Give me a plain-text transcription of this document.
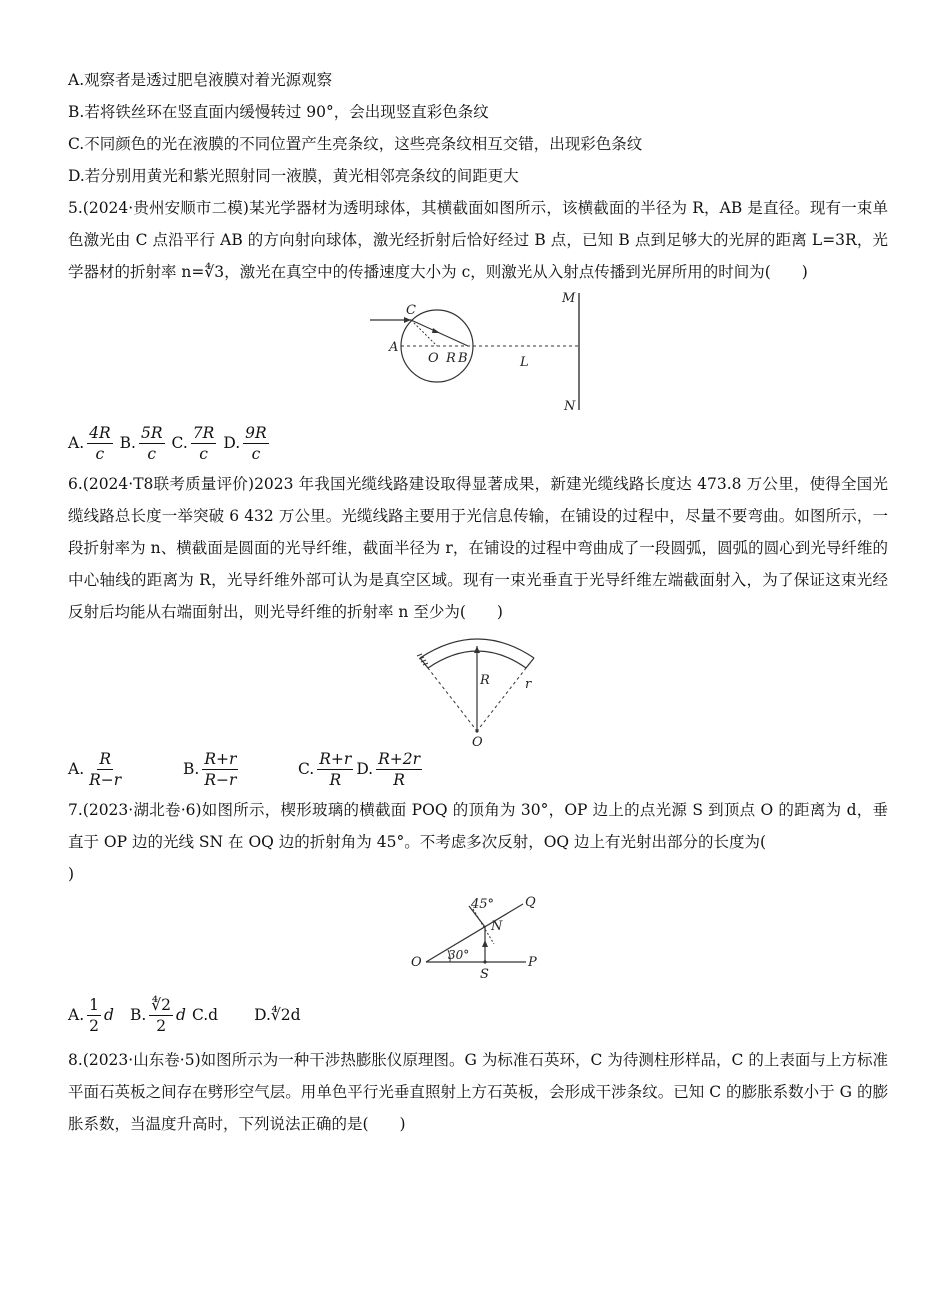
A.观察者是透过肥皂液膜对着光源观察

B.若将铁丝环在竖直面内缓慢转过 90°，会出现竖直彩色条纹

C.不同颜色的光在液膜的不同位置产生亮条纹，这些亮条纹相互交错，出现彩色条纹

D.若分别用黄光和紫光照射同一液膜，黄光相邻亮条纹的间距更大

5.(2024·贵州安顺市二模)某光学器材为透明球体，其横截面如图所示，该横截面的半径为 R，AB 是直径。现有一束单色激光由 C 点沿平行 AB 的方向射向球体，激光经折射后恰好经过 B 点，已知 B 点到足够大的光屏的距离 L=3R，光学器材的折射率 n=∜3，激光在真空中的传播速度大小为 c，则激光从入射点传播到光屏所用的时间为(　　)

C
A
O R B	L
M
N
A. $\frac{4R}{c} B$. $\frac{5R}{c} C$. $\frac{7R}{c} D$. $\frac{9R}{c}$

6.(2024·T8联考质量评价)2023 年我国光缆线路建设取得显著成果，新建光缆线路长度达 473.8 万公里，使得全国光缆线路总长度一举突破 6 432 万公里。光缆线路主要用于光信息传输，在铺设的过程中，尽量不要弯曲。如图所示，一段折射率为 n、横截面是圆面的光导纤维，截面半径为 r，在铺设的过程中弯曲成了一段圆弧，圆弧的圆心到光导纤维的中心轴线的距离为 R，光导纤维外部可认为是真空区域。现有一束光垂直于光导纤维左端截面射入，为了保证这束光经反射后均能从右端面射出，则光导纤维的折射率 n 至少为(　　)

R	r
O
A. $\frac{R}{R-r}$	B. $\frac{R+r}{R-r}$	C. $\frac{R+r}{R} D$. $\frac{R+2r}{R}$

7.(2023·湖北卷·6)如图所示，楔形玻璃的横截面 POQ 的顶角为 30°，OP 边上的点光源 S 到顶点 O 的距离为 d，垂直于 OP 边的光线 SN 在 OQ 边的折射角为 45°。不考虑多次反射，OQ 边上有光射出部分的长度为(

)

45° Q
N
O 30°
S
P
A. $\frac{1}{2}$ d B. $\frac{∜2}{2}$ d C.d D.∜2d

8.(2023·山东卷·5)如图所示为一种干涉热膨胀仪原理图。G 为标准石英环，C 为待测柱形样品，C 的上表面与上方标准平面石英板之间存在劈形空气层。用单色平行光垂直照射上方石英板，会形成干涉条纹。已知 C 的膨胀系数小于 G 的膨胀系数，当温度升高时，下列说法正确的是(　　)
